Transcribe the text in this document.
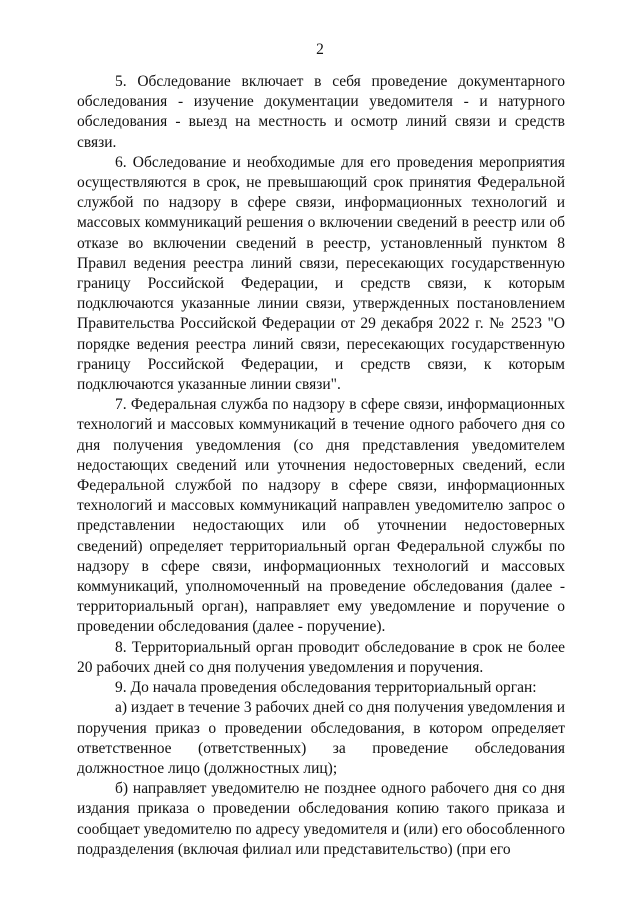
2

5. Обследование включает в себя проведение документарного обследования - изучение документации уведомителя - и натурного обследования - выезд на местность и осмотр линий связи и средств связи.

6. Обследование и необходимые для его проведения мероприятия осуществляются в срок, не превышающий срок принятия Федеральной службой по надзору в сфере связи, информационных технологий и массовых коммуникаций решения о включении сведений в реестр или об отказе во включении сведений в реестр, установленный пунктом 8 Правил ведения реестра линий связи, пересекающих государственную границу Российской Федерации, и средств связи, к которым подключаются указанные линии связи, утвержденных постановлением Правительства Российской Федерации от 29 декабря 2022 г. № 2523 "О порядке ведения реестра линий связи, пересекающих государственную границу Российской Федерации, и средств связи, к которым подключаются указанные линии связи".

7. Федеральная служба по надзору в сфере связи, информационных технологий и массовых коммуникаций в течение одного рабочего дня со дня получения уведомления (со дня представления уведомителем недостающих сведений или уточнения недостоверных сведений, если Федеральной службой по надзору в сфере связи, информационных технологий и массовых коммуникаций направлен уведомителю запрос о представлении недостающих или об уточнении недостоверных сведений) определяет территориальный орган Федеральной службы по надзору в сфере связи, информационных технологий и массовых коммуникаций, уполномоченный на проведение обследования (далее - территориальный орган), направляет ему уведомление и поручение о проведении обследования (далее - поручение).

8. Территориальный орган проводит обследование в срок не более 20 рабочих дней со дня получения уведомления и поручения.

9. До начала проведения обследования территориальный орган:

а) издает в течение 3 рабочих дней со дня получения уведомления и поручения приказ о проведении обследования, в котором определяет ответственное (ответственных) за проведение обследования должностное лицо (должностных лиц);

б) направляет уведомителю не позднее одного рабочего дня со дня издания приказа о проведении обследования копию такого приказа и сообщает уведомителю по адресу уведомителя и (или) его обособленного подразделения (включая филиал или представительство) (при его
